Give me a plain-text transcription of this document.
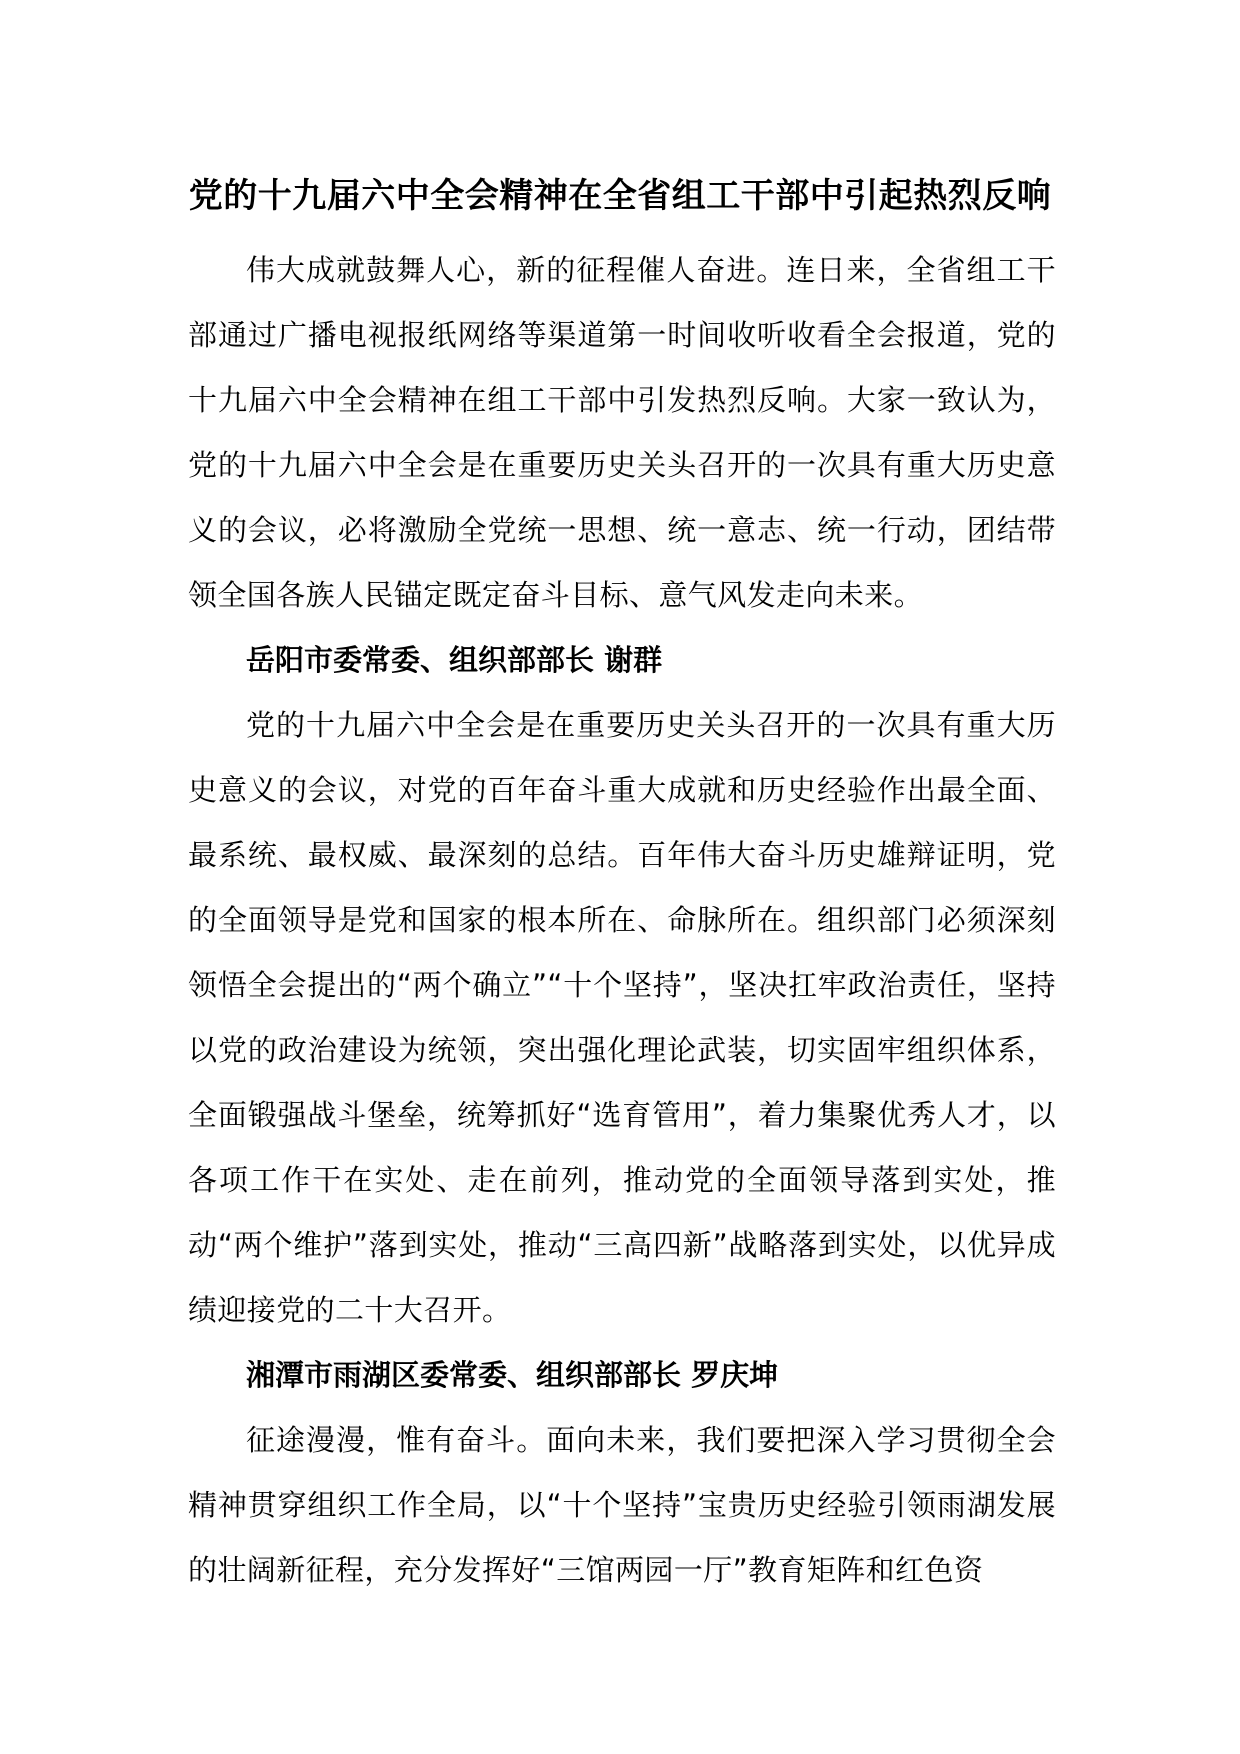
党的十九届六中全会精神在全省组工干部中引起热烈反响

伟大成就鼓舞人心，新的征程催人奋进。连日来，全省组工干部通过广播电视报纸网络等渠道第一时间收听收看全会报道，党的十九届六中全会精神在组工干部中引发热烈反响。大家一致认为，党的十九届六中全会是在重要历史关头召开的一次具有重大历史意义的会议，必将激励全党统一思想、统一意志、统一行动，团结带领全国各族人民锚定既定奋斗目标、意气风发走向未来。

岳阳市委常委、组织部部长 谢群

党的十九届六中全会是在重要历史关头召开的一次具有重大历史意义的会议，对党的百年奋斗重大成就和历史经验作出最全面、最系统、最权威、最深刻的总结。百年伟大奋斗历史雄辩证明，党的全面领导是党和国家的根本所在、命脉所在。组织部门必须深刻领悟全会提出的“两个确立”“十个坚持”，坚决扛牢政治责任，坚持以党的政治建设为统领，突出强化理论武装，切实固牢组织体系，全面锻强战斗堡垒，统筹抓好“选育管用”，着力集聚优秀人才，以各项工作干在实处、走在前列，推动党的全面领导落到实处，推动“两个维护”落到实处，推动“三高四新”战略落到实处，以优异成绩迎接党的二十大召开。

湘潭市雨湖区委常委、组织部部长 罗庆坤

征途漫漫，惟有奋斗。面向未来，我们要把深入学习贯彻全会精神贯穿组织工作全局，以“十个坚持”宝贵历史经验引领雨湖发展的壮阔新征程，充分发挥好“三馆两园一厅”教育矩阵和红色资
